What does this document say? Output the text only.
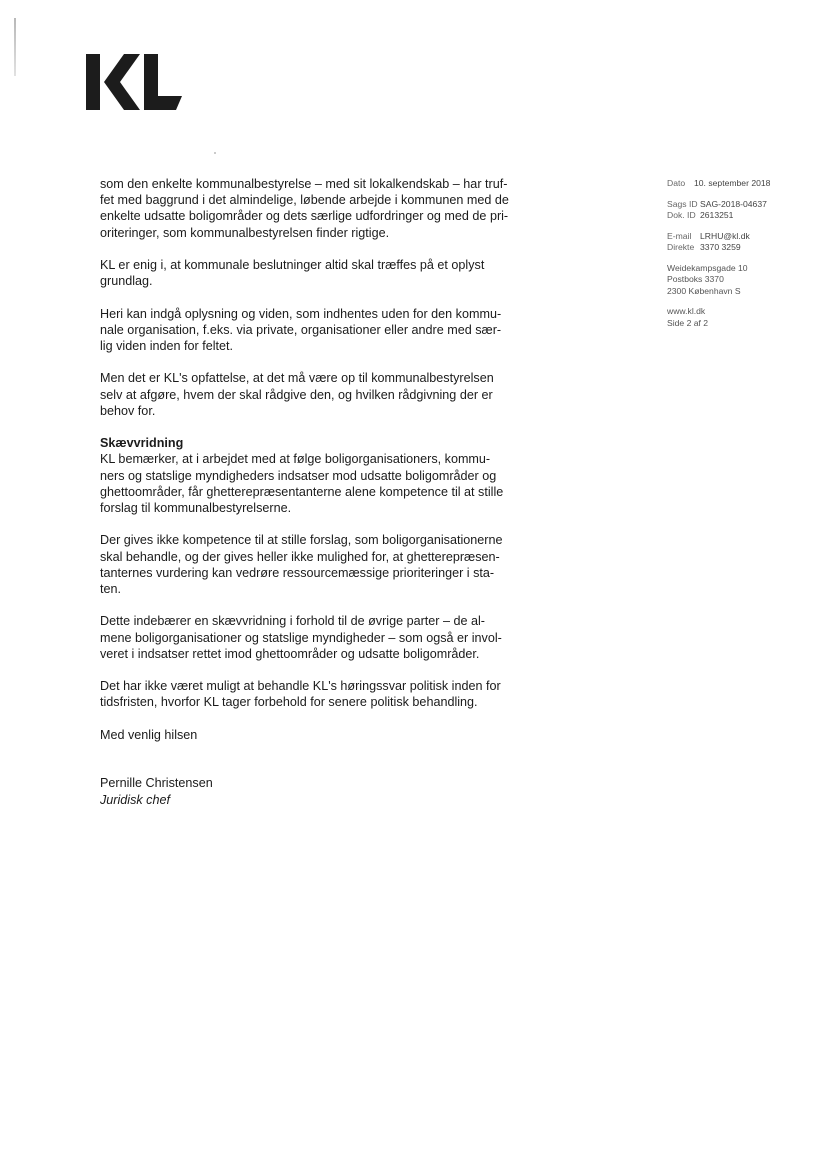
Dato 10. september 2018
Sags ID SAG-2018-04637
Dok. ID 2613251
E-mail LRHU@kl.dk
Direkte 3370 3259
Weidekampsgade 10
Postboks 3370
2300 København S
www.kl.dk
Side 2 af 2

som den enkelte kommunalbestyrelse – med sit lokalkendskab – har truf-
fet med baggrund i det almindelige, løbende arbejde i kommunen med de
enkelte udsatte boligområder og dets særlige udfordringer og med de pri-
oriteringer, som kommunalbestyrelsen finder rigtige.

KL er enig i, at kommunale beslutninger altid skal træffes på et oplyst
grundlag.

Heri kan indgå oplysning og viden, som indhentes uden for den kommu-
nale organisation, f.eks. via private, organisationer eller andre med sær-
lig viden inden for feltet.

Men det er KL's opfattelse, at det må være op til kommunalbestyrelsen
selv at afgøre, hvem der skal rådgive den, og hvilken rådgivning der er
behov for.

Skævvridning

KL bemærker, at i arbejdet med at følge boligorganisationers, kommu-
ners og statslige myndigheders indsatser mod udsatte boligområder og
ghettoområder, får ghetterepræsentanterne alene kompetence til at stille
forslag til kommunalbestyrelserne.

Der gives ikke kompetence til at stille forslag, som boligorganisationerne
skal behandle, og der gives heller ikke mulighed for, at ghetterepræsen-
tanternes vurdering kan vedrøre ressourcemæssige prioriteringer i sta-
ten.

Dette indebærer en skævvridning i forhold til de øvrige parter – de al-
mene boligorganisationer og statslige myndigheder – som også er invol-
veret i indsatser rettet imod ghettoområder og udsatte boligområder.

Det har ikke været muligt at behandle KL's høringssvar politisk inden for
tidsfristen, hvorfor KL tager forbehold for senere politisk behandling.

Med venlig hilsen

Pernille Christensen

Juridisk chef
